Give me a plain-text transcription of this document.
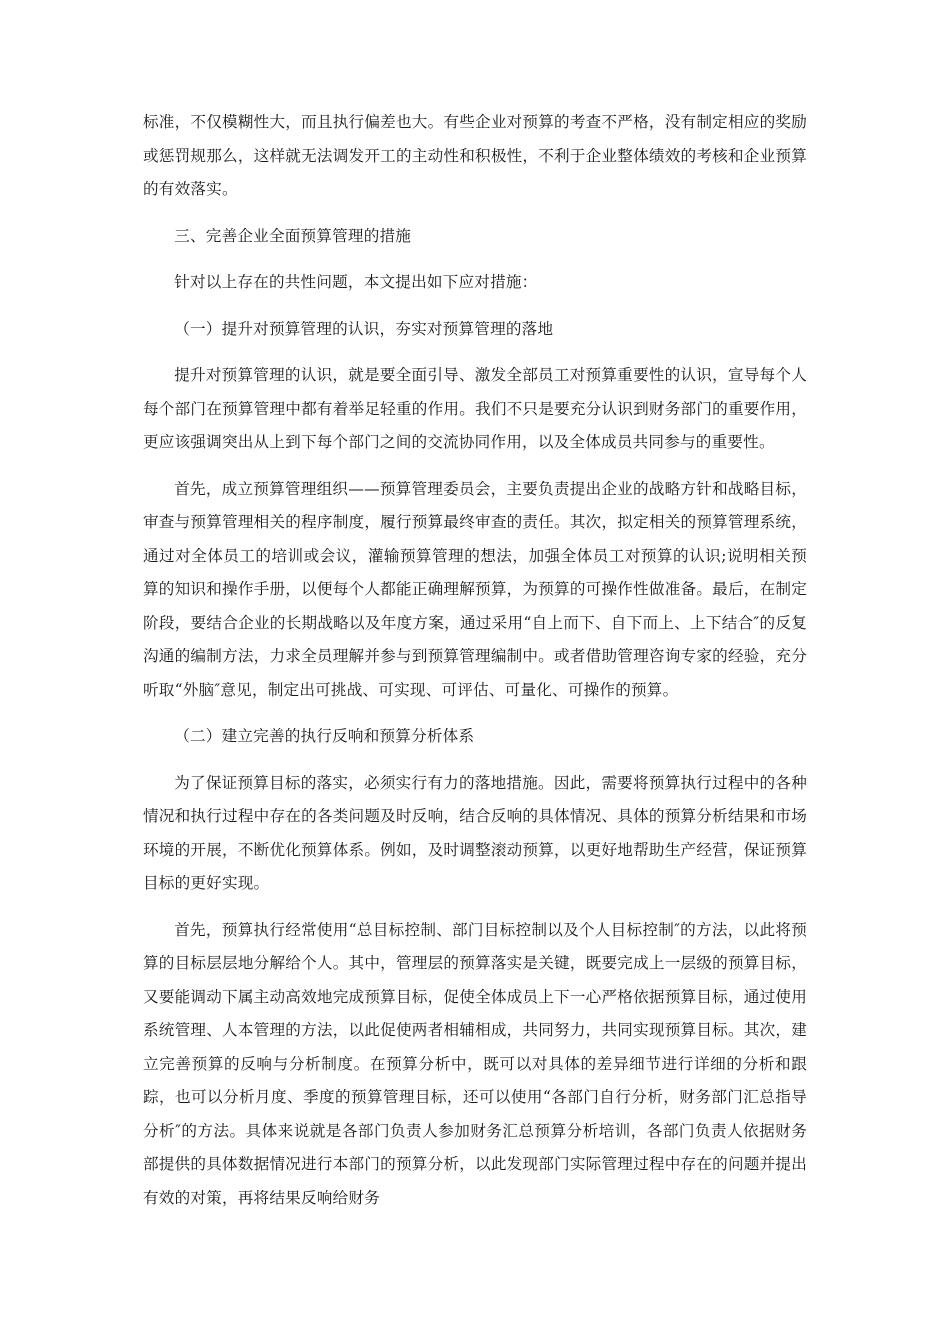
标准，不仅模糊性大，而且执行偏差也大。有些企业对预算的考查不严格，没有制定相应的奖励或惩罚规那么，这样就无法调发开工的主动性和积极性，不利于企业整体绩效的考核和企业预算的有效落实。

三、完善企业全面预算管理的措施

针对以上存在的共性问题，本文提出如下应对措施：

（一）提升对预算管理的认识，夯实对预算管理的落地

提升对预算管理的认识，就是要全面引导、激发全部员工对预算重要性的认识，宣导每个人每个部门在预算管理中都有着举足轻重的作用。我们不只是要充分认识到财务部门的重要作用，更应该强调突出从上到下每个部门之间的交流协同作用，以及全体成员共同参与的重要性。

首先，成立预算管理组织——预算管理委员会，主要负责提出企业的战略方针和战略目标，审查与预算管理相关的程序制度，履行预算最终审查的责任。其次，拟定相关的预算管理系统，通过对全体员工的培训或会议，灌输预算管理的想法，加强全体员工对预算的认识;说明相关预算的知识和操作手册，以便每个人都能正确理解预算，为预算的可操作性做准备。最后，在制定阶段，要结合企业的长期战略以及年度方案，通过采用“自上而下、自下而上、上下结合″的反复沟通的编制方法，力求全员理解并参与到预算管理编制中。或者借助管理咨询专家的经验，充分听取“外脑″意见，制定出可挑战、可实现、可评估、可量化、可操作的预算。

（二）建立完善的执行反响和预算分析体系

为了保证预算目标的落实，必须实行有力的落地措施。因此，需要将预算执行过程中的各种情况和执行过程中存在的各类问题及时反响，结合反响的具体情况、具体的预算分析结果和市场环境的开展，不断优化预算体系。例如，及时调整滚动预算，以更好地帮助生产经营，保证预算目标的更好实现。

首先，预算执行经常使用“总目标控制、部门目标控制以及个人目标控制″的方法，以此将预算的目标层层地分解给个人。其中，管理层的预算落实是关键，既要完成上一层级的预算目标，又要能调动下属主动高效地完成预算目标，促使全体成员上下一心严格依据预算目标，通过使用系统管理、人本管理的方法，以此促使两者相辅相成，共同努力，共同实现预算目标。其次，建立完善预算的反响与分析制度。在预算分析中，既可以对具体的差异细节进行详细的分析和跟踪，也可以分析月度、季度的预算管理目标，还可以使用“各部门自行分析，财务部门汇总指导分析″的方法。具体来说就是各部门负责人参加财务汇总预算分析培训，各部门负责人依据财务部提供的具体数据情况进行本部门的预算分析，以此发现部门实际管理过程中存在的问题并提出有效的对策，再将结果反响给财务
